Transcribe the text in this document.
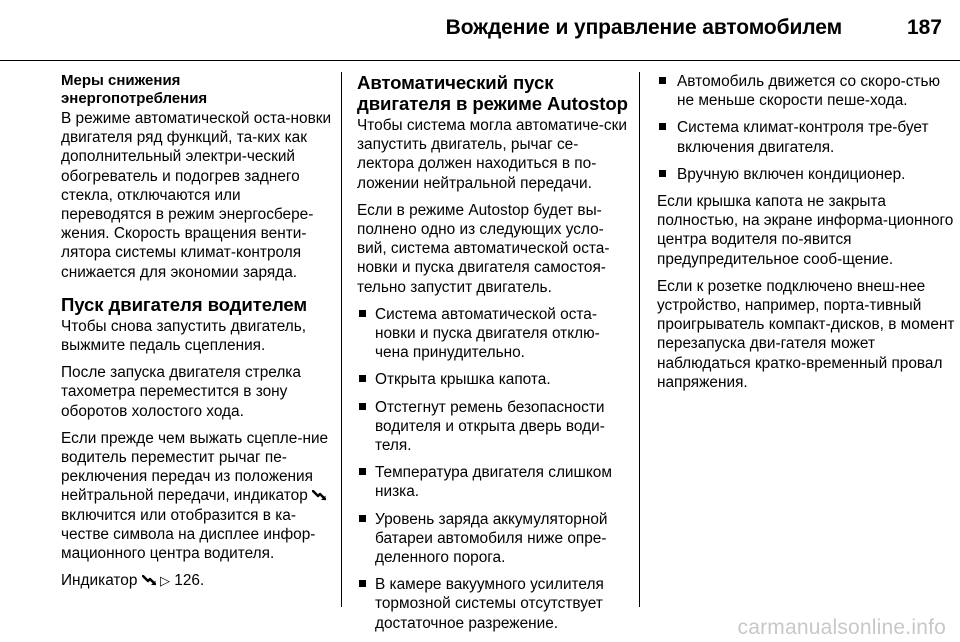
Вождение и управление автомобилем	187

Меры снижения
энергопотребления

В режиме автоматической оста-новки двигателя ряд функций, та-ких как дополнительный электри-ческий обогреватель и подогрев заднего стекла, отключаются или переводятся в режим энергосбере-жения. Скорость вращения венти-лятора системы климат-контроля снижается для экономии заряда.

Пуск двигателя водителем

Чтобы снова запустить двигатель, выжмите педаль сцепления.

После запуска двигателя стрелка тахометра переместится в зону оборотов холостого хода.

Если прежде чем выжать сцепле-ние водитель переместит рычаг пе-реключения передач из положения нейтральной передачи, индикатор  включится или отобразится в ка-честве символа на дисплее инфор-мационного центра водителя.

Индикатор  ▷ 126.

Автоматический пуск
двигателя в режиме Autostop

Чтобы система могла автоматиче-ски запустить двигатель, рычаг се-лектора должен находиться в по-ложении нейтральной передачи.

Если в режиме Autostop будет вы-полнено одно из следующих усло-вий, система автоматической оста-новки и пуска двигателя самостоя-тельно запустит двигатель.

Система автоматической оста-новки и пуска двигателя отклю-чена принудительно.
Открыта крышка капота.
Отстегнут ремень безопасности водителя и открыта дверь води-теля.
Температура двигателя слишком низка.
Уровень заряда аккумуляторной батареи автомобиля ниже опре-деленного порога.
В камере вакуумного усилителя тормозной системы отсутствует достаточное разрежение.
Автомобиль движется со скоро-стью не меньше скорости пеше-хода.
Система климат-контроля тре-бует включения двигателя.
Вручную включен кондиционер.

Если крышка капота не закрыта полностью, на экране информа-ционного центра водителя по-явится предупредительное сооб-щение.

Если к розетке подключено внеш-нее устройство, например, порта-тивный проигрыватель компакт-дисков, в момент перезапуска дви-гателя может наблюдаться кратко-временный провал напряжения.

carmanualsonline.info
